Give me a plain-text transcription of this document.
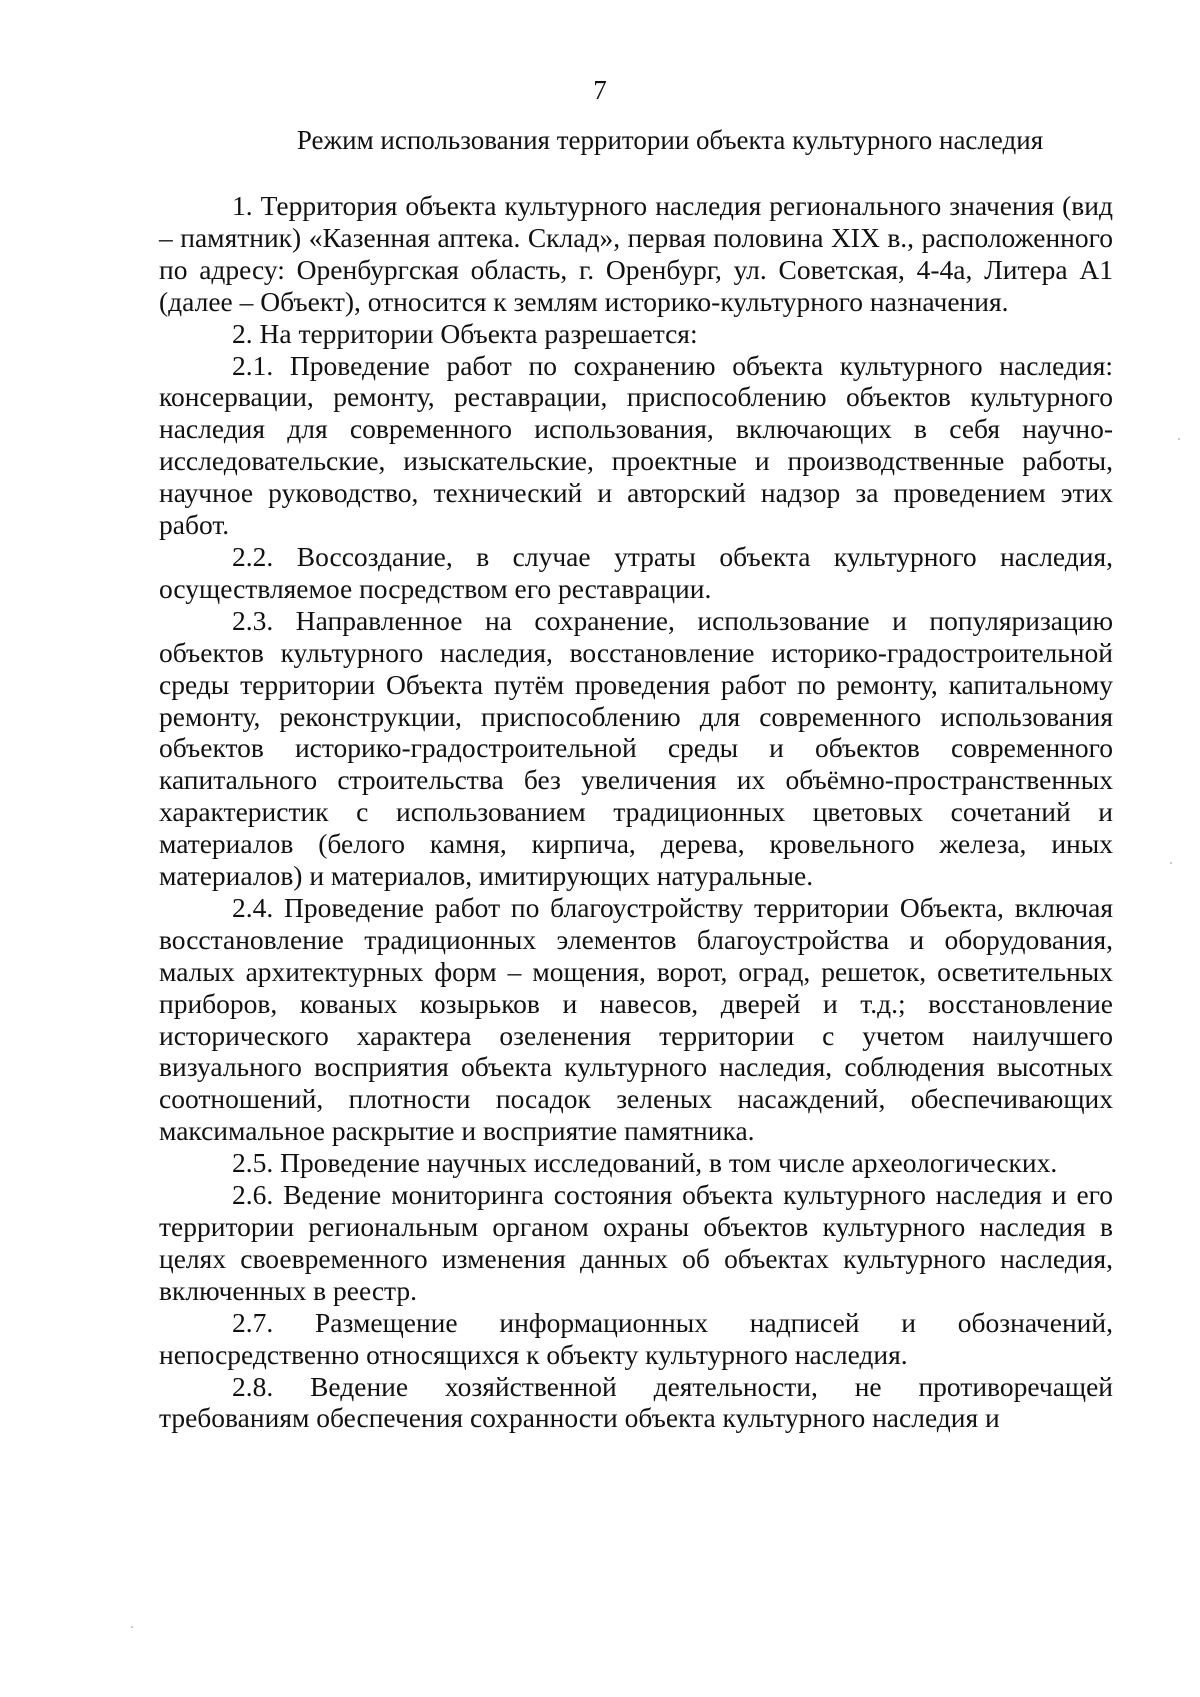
7
Режим использования территории объекта культурного наследия

1. Территория объекта культурного наследия регионального значения (вид – памятник) «Казенная аптека. Склад», первая половина XIX в., расположенного по адресу: Оренбургская область, г. Оренбург, ул. Советская, 4-4а, Литера А1 (далее – Объект), относится к землям историко-культурного назначения.

2. На территории Объекта разрешается:

2.1. Проведение работ по сохранению объекта культурного наследия: консервации, ремонту, реставрации, приспособлению объектов культурного наследия для современного использования, включающих в себя научно-исследовательские, изыскательские, проектные и производственные работы, научное руководство, технический и авторский надзор за проведением этих работ.

2.2. Воссоздание, в случае утраты объекта культурного наследия, осуществляемое посредством его реставрации.

2.3. Направленное на сохранение, использование и популяризацию объектов культурного наследия, восстановление историко-градостроительной среды территории Объекта путём проведения работ по ремонту, капитальному ремонту, реконструкции, приспособлению для современного использования объектов историко-градостроительной среды и объектов современного капитального строительства без увеличения их объёмно-пространственных характеристик с использованием традиционных цветовых сочетаний и материалов (белого камня, кирпича, дерева, кровельного железа, иных материалов) и материалов, имитирующих натуральные.

2.4. Проведение работ по благоустройству территории Объекта, включая восстановление традиционных элементов благоустройства и оборудования, малых архитектурных форм – мощения, ворот, оград, решеток, осветительных приборов, кованых козырьков и навесов, дверей и т.д.; восстановление исторического характера озеленения территории с учетом наилучшего визуального восприятия объекта культурного наследия, соблюдения высотных соотношений, плотности посадок зеленых насаждений, обеспечивающих максимальное раскрытие и восприятие памятника.

2.5. Проведение научных исследований, в том числе археологических.

2.6. Ведение мониторинга состояния объекта культурного наследия и его территории региональным органом охраны объектов культурного наследия в целях своевременного изменения данных об объектах культурного наследия, включенных в реестр.

2.7. Размещение информационных надписей и обозначений, непосредственно относящихся к объекту культурного наследия.

2.8. Ведение хозяйственной деятельности, не противоречащей требованиям обеспечения сохранности объекта культурного наследия и
